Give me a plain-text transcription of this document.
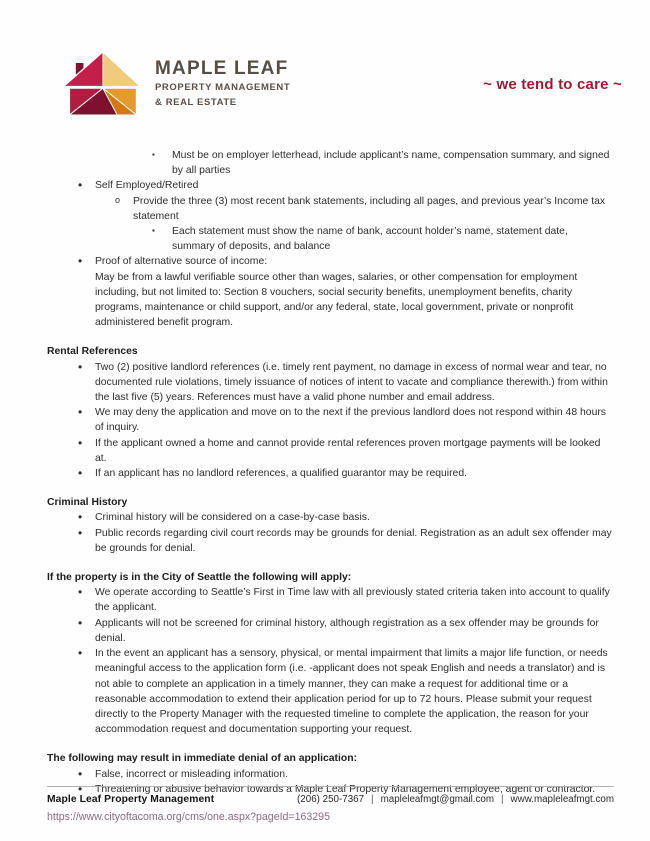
MAPLE LEAF
PROPERTY MANAGEMENT
& REAL ESTATE
~ we tend to care ~
▪
Must be on employer letterhead, include applicant’s name, compensation summary, and signed by all parties
•
Self Employed/Retired
o
Provide the three (3) most recent bank statements, including all pages, and previous year’s Income tax statement
▪
Each statement must show the name of bank, account holder’s name, statement date, summary of deposits, and balance
•
Proof of alternative source of income:
May be from a lawful verifiable source other than wages, salaries, or other compensation for employment including, but not limited to: Section 8 vouchers, social security benefits, unemployment benefits, charity programs, maintenance or child support, and/or any federal, state, local government, private or nonprofit administered benefit program.
Rental References
•
Two (2) positive landlord references (i.e. timely rent payment, no damage in excess of normal wear and tear, no documented rule violations, timely issuance of notices of intent to vacate and compliance therewith.) from within the last five (5) years. References must have a valid phone number and email address.
•
We may deny the application and move on to the next if the previous landlord does not respond within 48 hours of inquiry.
•
If the applicant owned a home and cannot provide rental references proven mortgage payments will be looked at.
•
If an applicant has no landlord references, a qualified guarantor may be required.
Criminal History
•
Criminal history will be considered on a case-by-case basis.
•
Public records regarding civil court records may be grounds for denial. Registration as an adult sex offender may be grounds for denial.
If the property is in the City of Seattle the following will apply:
•
We operate according to Seattle’s First in Time law with all previously stated criteria taken into account to qualify the applicant.
•
Applicants will not be screened for criminal history, although registration as a sex offender may be grounds for denial.
•
In the event an applicant has a sensory, physical, or mental impairment that limits a major life function, or needs meaningful access to the application form (i.e. -applicant does not speak English and needs a translator) and is not able to complete an application in a timely manner, they can make a request for additional time or a reasonable accommodation to extend their application period for up to 72 hours. Please submit your request directly to the Property Manager with the requested timeline to complete the application, the reason for your accommodation request and documentation supporting your request.
The following may result in immediate denial of an application:
•
False, incorrect or misleading information.
•
Threatening or abusive behavior towards a Maple Leaf Property Management employee, agent or contractor.
https://www.cityoftacoma.org/cms/one.aspx?pageId=163295
Maple Leaf Property Management	(206) 250-7367 | mapleleafmgt@gmail.com | www.mapleleafmgt.com
